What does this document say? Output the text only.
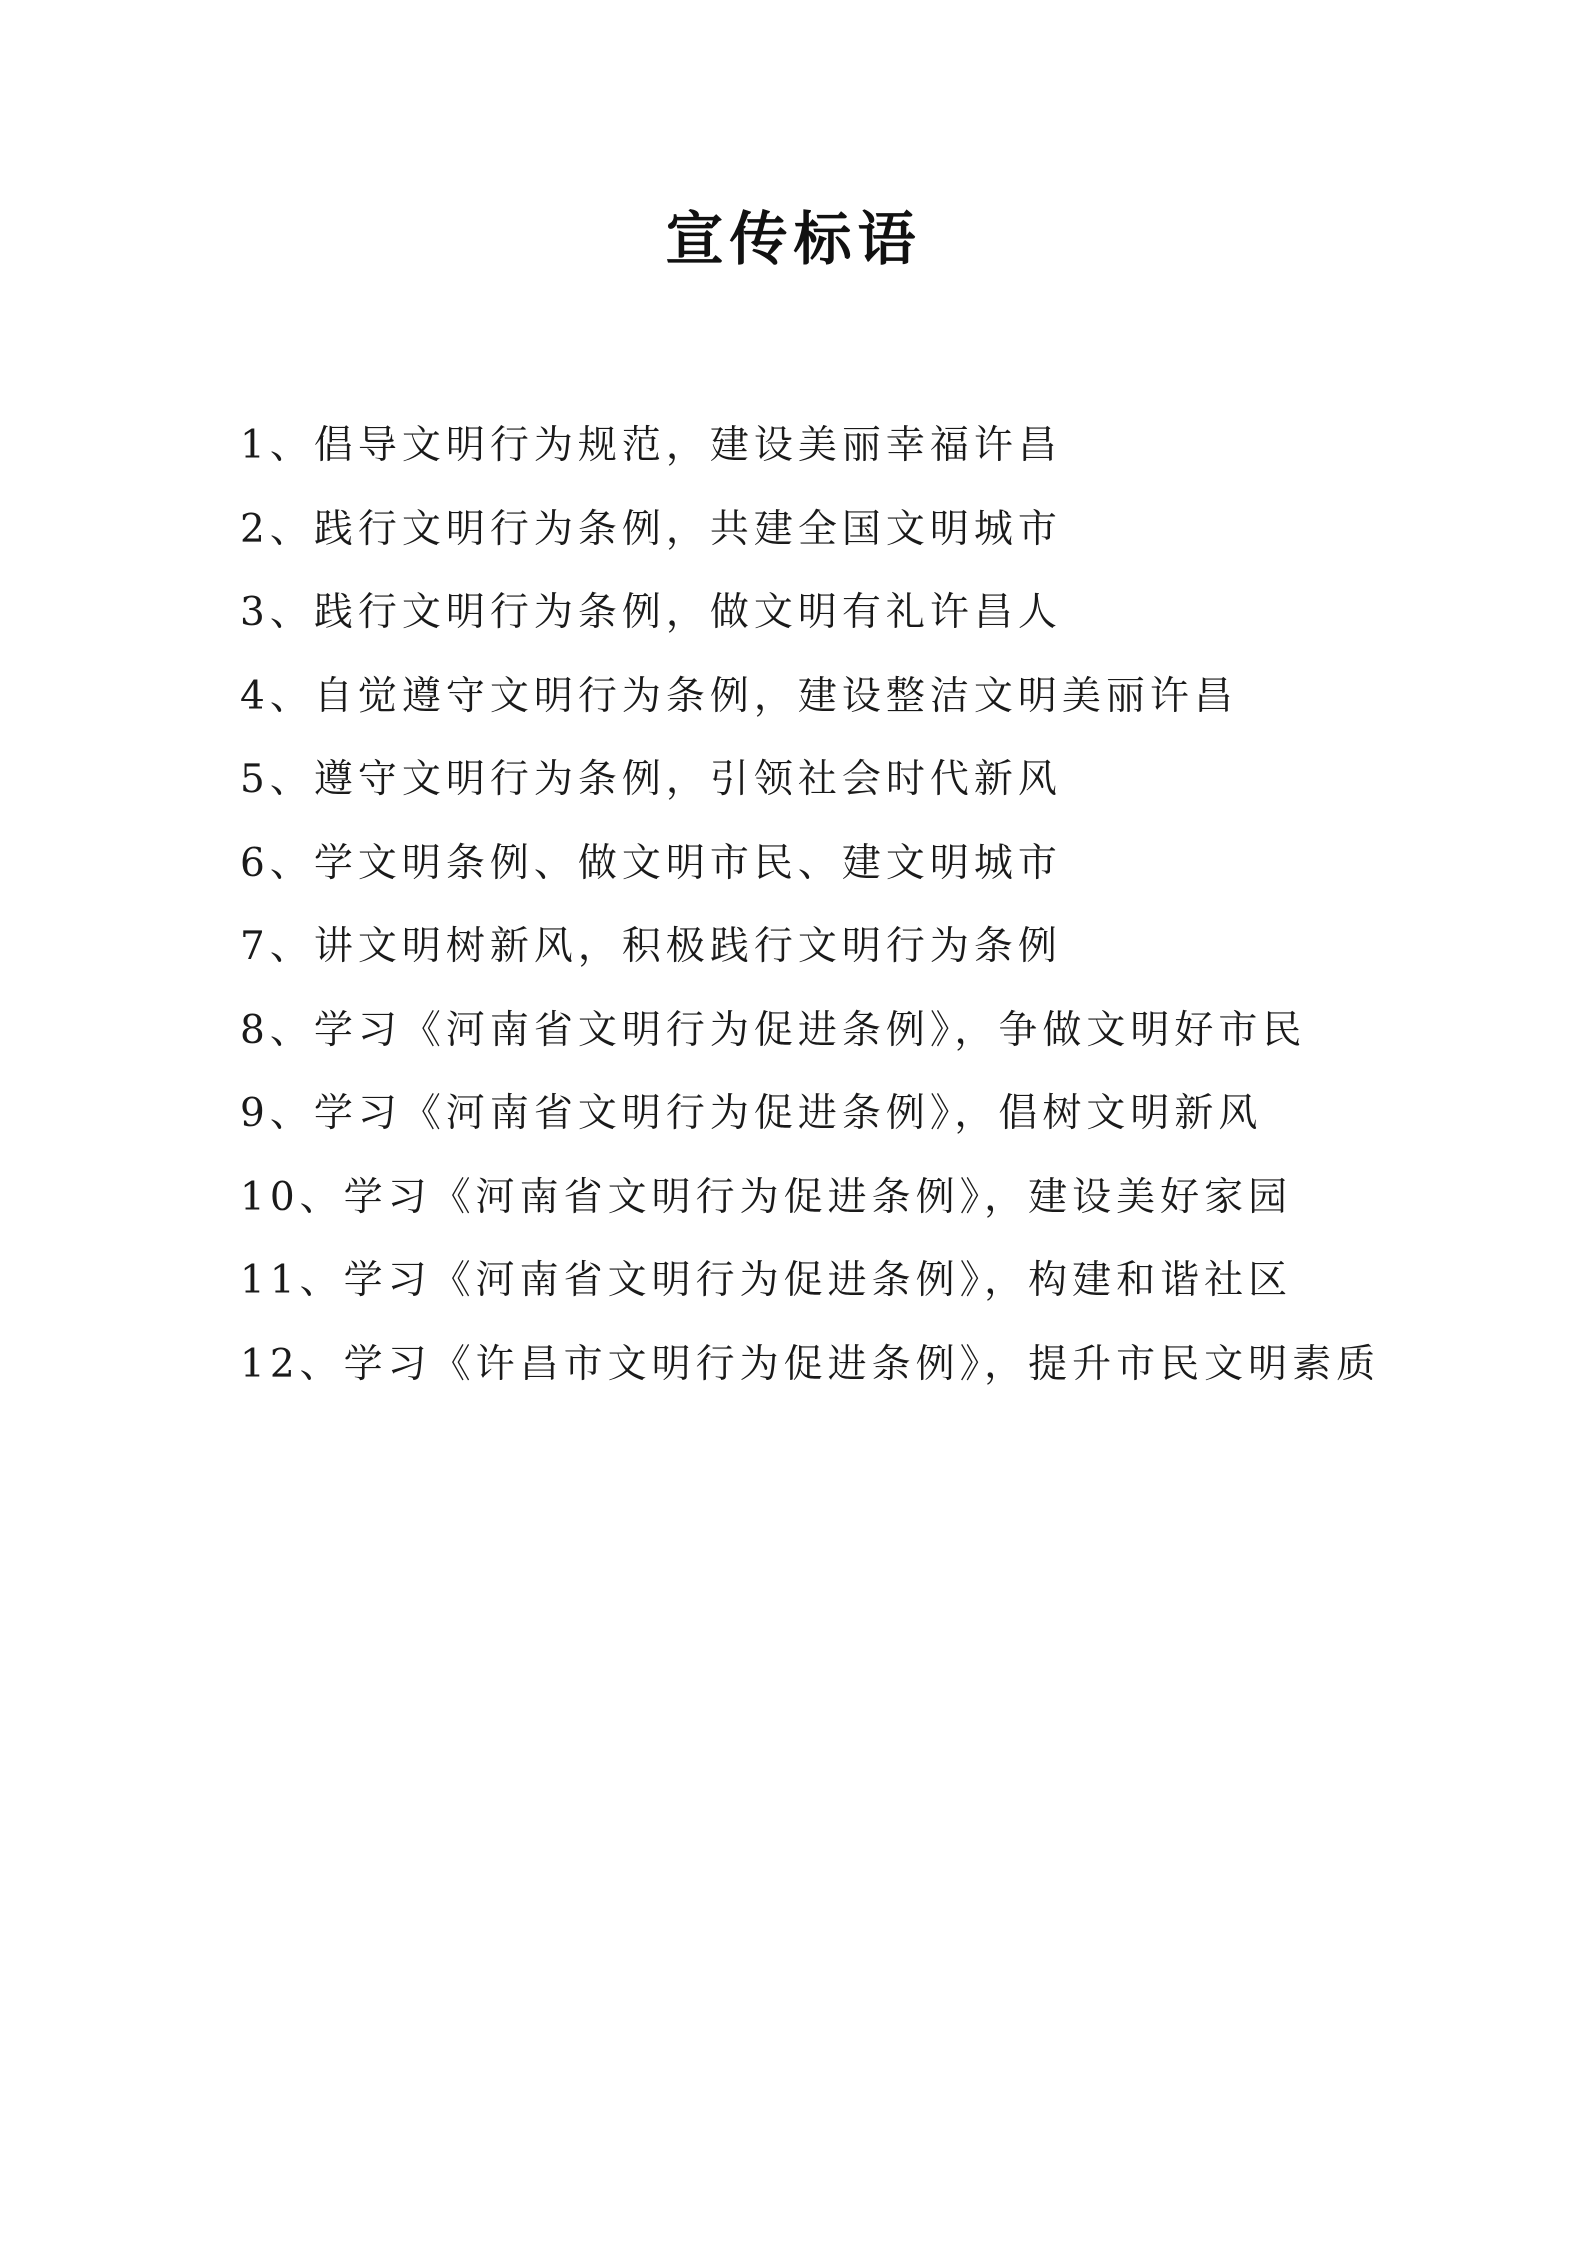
宣传标语
1、倡导文明行为规范，建设美丽幸福许昌
2、践行文明行为条例，共建全国文明城市
3、践行文明行为条例，做文明有礼许昌人
4、自觉遵守文明行为条例，建设整洁文明美丽许昌
5、遵守文明行为条例，引领社会时代新风
6、学文明条例、做文明市民、建文明城市
7、讲文明树新风，积极践行文明行为条例
8、学习《河南省文明行为促进条例》，争做文明好市民
9、学习《河南省文明行为促进条例》，倡树文明新风
10、学习《河南省文明行为促进条例》，建设美好家园
11、学习《河南省文明行为促进条例》，构建和谐社区
12、学习《许昌市文明行为促进条例》，提升市民文明素质
